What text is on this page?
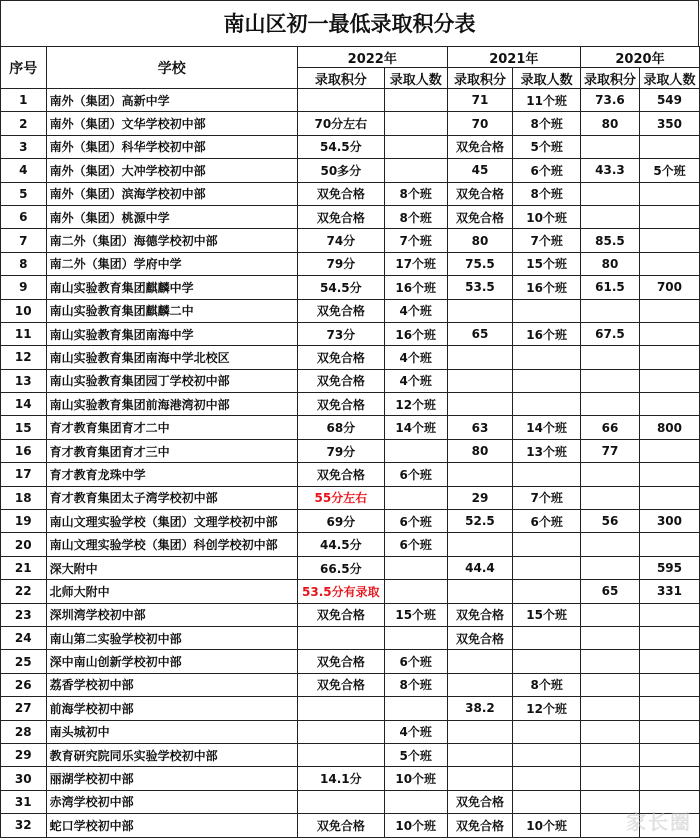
南山区初一最低录取积分表
序号	学校	2022年		2021年		2020年	
		录取积分	录取人数	录取积分	录取人数	录取积分	录取人数
1	南外（集团）高新中学			71	11个班	73.6	549
2	南外（集团）文华学校初中部	70分左右		70	8个班	80	350
3	南外（集团）科华学校初中部	54.5分		双免合格	5个班		
4	南外（集团）大冲学校初中部	50多分		45	6个班	43.3	5个班
5	南外（集团）滨海学校初中部	双免合格	8个班	双免合格	8个班		
6	南外（集团）桃源中学	双免合格	8个班	双免合格	10个班		
7	南二外（集团）海德学校初中部	74分	7个班	80	7个班	85.5	
8	南二外（集团）学府中学	79分	17个班	75.5	15个班	80	
9	南山实验教育集团麒麟中学	54.5分	16个班	53.5	16个班	61.5	700
10	南山实验教育集团麒麟二中	双免合格	4个班				
11	南山实验教育集团南海中学	73分	16个班	65	16个班	67.5	
12	南山实验教育集团南海中学北校区	双免合格	4个班				
13	南山实验教育集团园丁学校初中部	双免合格	4个班				
14	南山实验教育集团前海港湾初中部	双免合格	12个班				
15	育才教育集团育才二中	68分	14个班	63	14个班	66	800
16	育才教育集团育才三中	79分		80	13个班	77	
17	育才教育龙珠中学	双免合格	6个班				
18	育才教育集团太子湾学校初中部	55分左右		29	7个班		
19	南山文理实验学校（集团）文理学校初中部	69分	6个班	52.5	6个班	56	300
20	南山文理实验学校（集团）科创学校初中部	44.5分	6个班				
21	深大附中	66.5分		44.4			595
22	北师大附中	53.5分有录取				65	331
23	深圳湾学校初中部	双免合格	15个班	双免合格	15个班		
24	南山第二实验学校初中部			双免合格			
25	深中南山创新学校初中部	双免合格	6个班				
26	荔香学校初中部	双免合格	8个班		8个班		
27	前海学校初中部			38.2	12个班		
28	南头城初中		4个班				
29	教育研究院同乐实验学校初中部		5个班				
30	丽湖学校初中部	14.1分	10个班				
31	赤湾学校初中部			双免合格			
32	蛇口学校初中部	双免合格	10个班	双免合格	10个班			家长圈
